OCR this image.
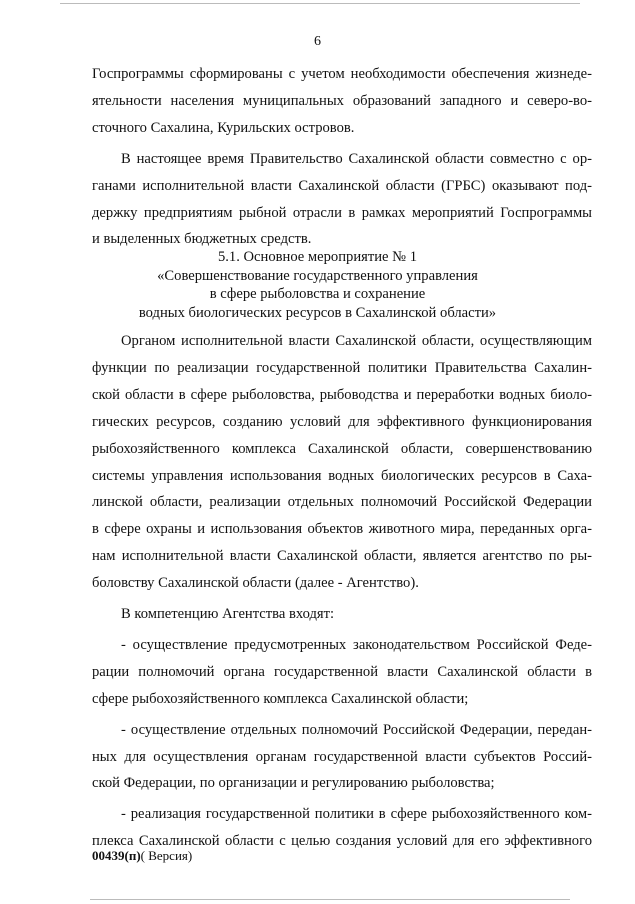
6
Госпрограммы сформированы с учетом необходимости обеспечения жизнеде-
ятельности населения муниципальных образований западного и северо-во-
сточного Сахалина, Курильских островов.
В настоящее время Правительство Сахалинской области совместно с ор-
ганами исполнительной власти Сахалинской области (ГРБС) оказывают под-
держку предприятиям рыбной отрасли в рамках мероприятий Госпрограммы
и выделенных бюджетных средств.
5.1. Основное мероприятие № 1
«Совершенствование государственного управления
в сфере рыболовства и сохранение
водных биологических ресурсов в Сахалинской области»
Органом исполнительной власти Сахалинской области, осуществляющим
функции по реализации государственной политики Правительства Сахалин-
ской области в сфере рыболовства, рыбоводства и переработки водных биоло-
гических ресурсов, созданию условий для эффективного функционирования
рыбохозяйственного комплекса Сахалинской области, совершенствованию
системы управления использования водных биологических ресурсов в Саха-
линской области, реализации отдельных полномочий Российской Федерации
в сфере охраны и использования объектов животного мира, переданных орга-
нам исполнительной власти Сахалинской области, является агентство по ры-
боловству Сахалинской области (далее - Агентство).
В компетенцию Агентства входят:
- осуществление предусмотренных законодательством Российской Феде-
рации полномочий органа государственной власти Сахалинской области в
сфере рыбохозяйственного комплекса Сахалинской области;
- осуществление отдельных полномочий Российской Федерации, передан-
ных для осуществления органам государственной власти субъектов Россий-
ской Федерации, по организации и регулированию рыболовства;
- реализация государственной политики в сфере рыбохозяйственного ком-
плекса Сахалинской области с целью создания условий для его эффективного
00439(п)( Версия)
